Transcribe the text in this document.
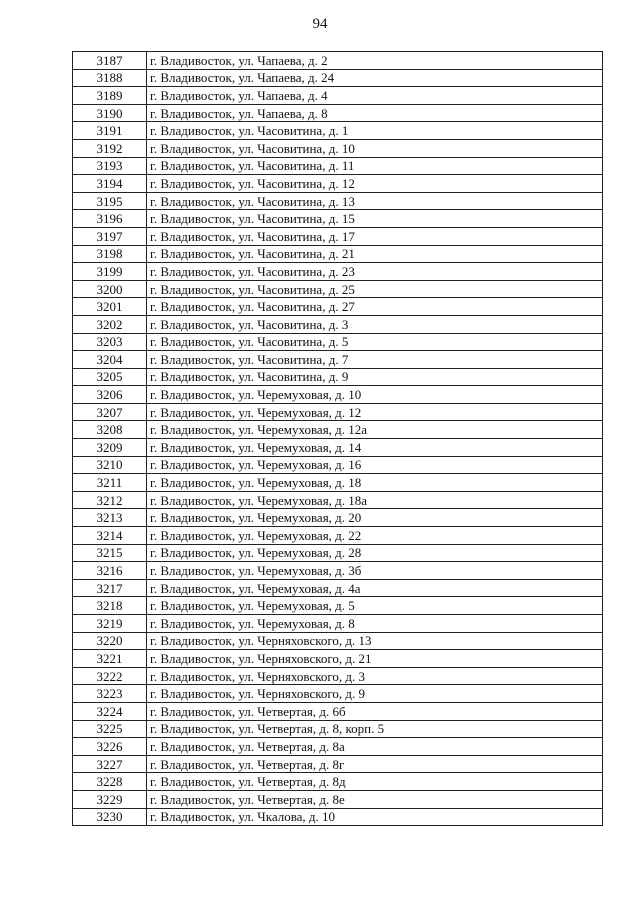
94
3187	г. Владивосток, ул. Чапаева, д. 2
3188	г. Владивосток, ул. Чапаева, д. 24
3189	г. Владивосток, ул. Чапаева, д. 4
3190	г. Владивосток, ул. Чапаева, д. 8
3191	г. Владивосток, ул. Часовитина, д. 1
3192	г. Владивосток, ул. Часовитина, д. 10
3193	г. Владивосток, ул. Часовитина, д. 11
3194	г. Владивосток, ул. Часовитина, д. 12
3195	г. Владивосток, ул. Часовитина, д. 13
3196	г. Владивосток, ул. Часовитина, д. 15
3197	г. Владивосток, ул. Часовитина, д. 17
3198	г. Владивосток, ул. Часовитина, д. 21
3199	г. Владивосток, ул. Часовитина, д. 23
3200	г. Владивосток, ул. Часовитина, д. 25
3201	г. Владивосток, ул. Часовитина, д. 27
3202	г. Владивосток, ул. Часовитина, д. 3
3203	г. Владивосток, ул. Часовитина, д. 5
3204	г. Владивосток, ул. Часовитина, д. 7
3205	г. Владивосток, ул. Часовитина, д. 9
3206	г. Владивосток, ул. Черемуховая, д. 10
3207	г. Владивосток, ул. Черемуховая, д. 12
3208	г. Владивосток, ул. Черемуховая, д. 12а
3209	г. Владивосток, ул. Черемуховая, д. 14
3210	г. Владивосток, ул. Черемуховая, д. 16
3211	г. Владивосток, ул. Черемуховая, д. 18
3212	г. Владивосток, ул. Черемуховая, д. 18а
3213	г. Владивосток, ул. Черемуховая, д. 20
3214	г. Владивосток, ул. Черемуховая, д. 22
3215	г. Владивосток, ул. Черемуховая, д. 28
3216	г. Владивосток, ул. Черемуховая, д. 3б
3217	г. Владивосток, ул. Черемуховая, д. 4а
3218	г. Владивосток, ул. Черемуховая, д. 5
3219	г. Владивосток, ул. Черемуховая, д. 8
3220	г. Владивосток, ул. Черняховского, д. 13
3221	г. Владивосток, ул. Черняховского, д. 21
3222	г. Владивосток, ул. Черняховского, д. 3
3223	г. Владивосток, ул. Черняховского, д. 9
3224	г. Владивосток, ул. Четвертая, д. 6б
3225	г. Владивосток, ул. Четвертая, д. 8, корп. 5
3226	г. Владивосток, ул. Четвертая, д. 8а
3227	г. Владивосток, ул. Четвертая, д. 8г
3228	г. Владивосток, ул. Четвертая, д. 8д
3229	г. Владивосток, ул. Четвертая, д. 8е
3230	г. Владивосток, ул. Чкалова, д. 10
